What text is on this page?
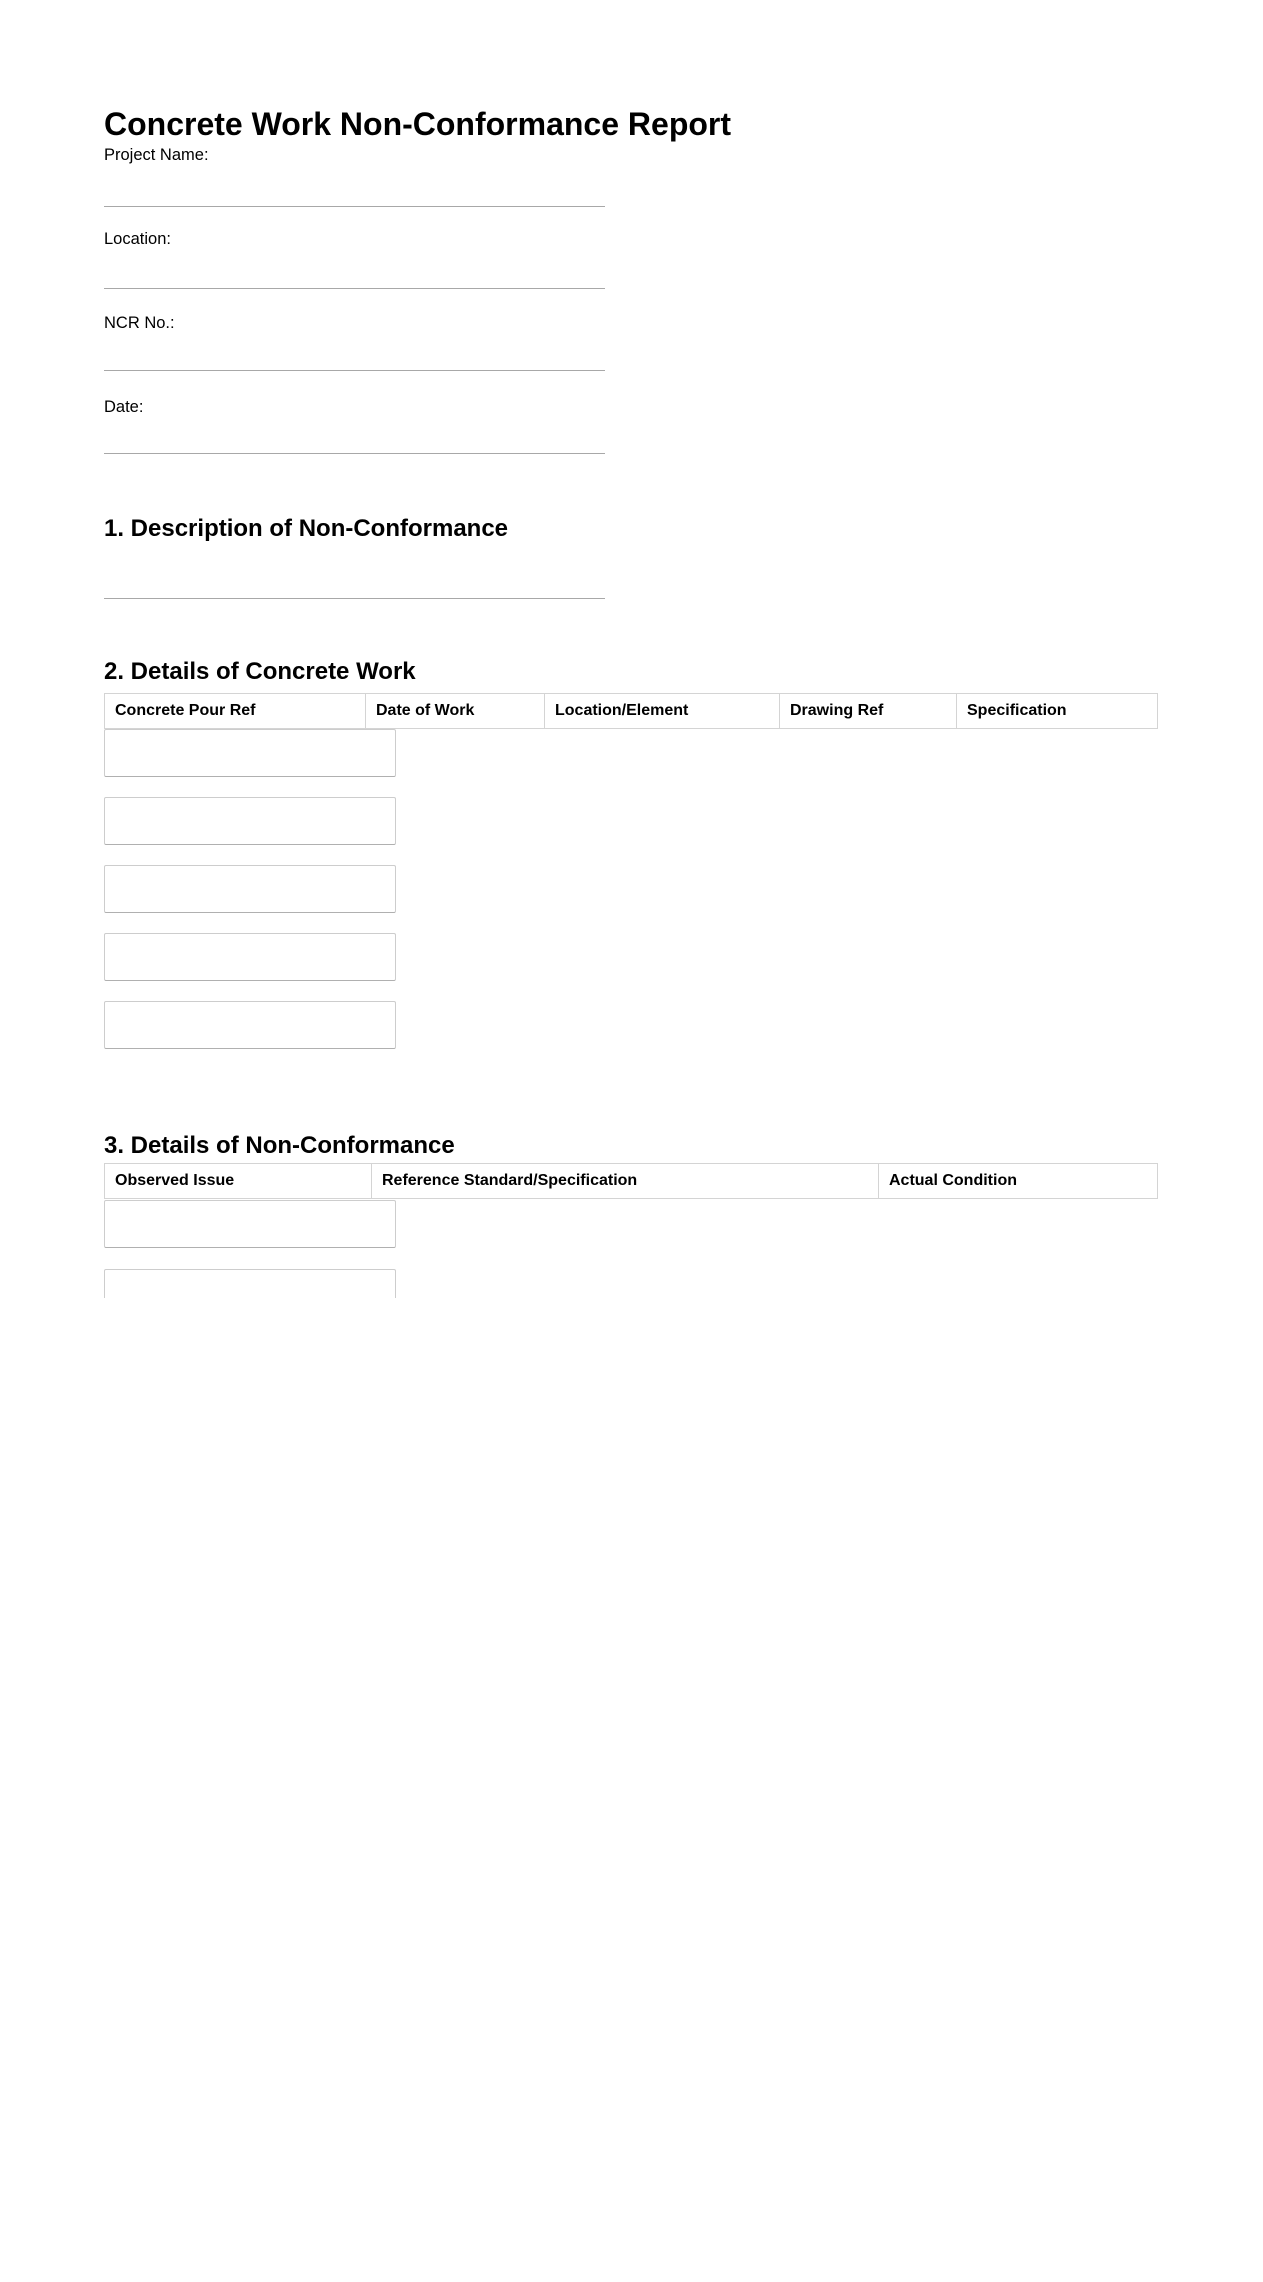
Concrete Work Non-Conformance Report
Project Name:
Location:
NCR No.:
Date:
1. Description of Non-Conformance
2. Details of Concrete Work
Concrete Pour Ref	Date of Work	Location/Element	Drawing Ref	Specification
3. Details of Non-Conformance
Observed Issue	Reference Standard/Specification	Actual Condition
